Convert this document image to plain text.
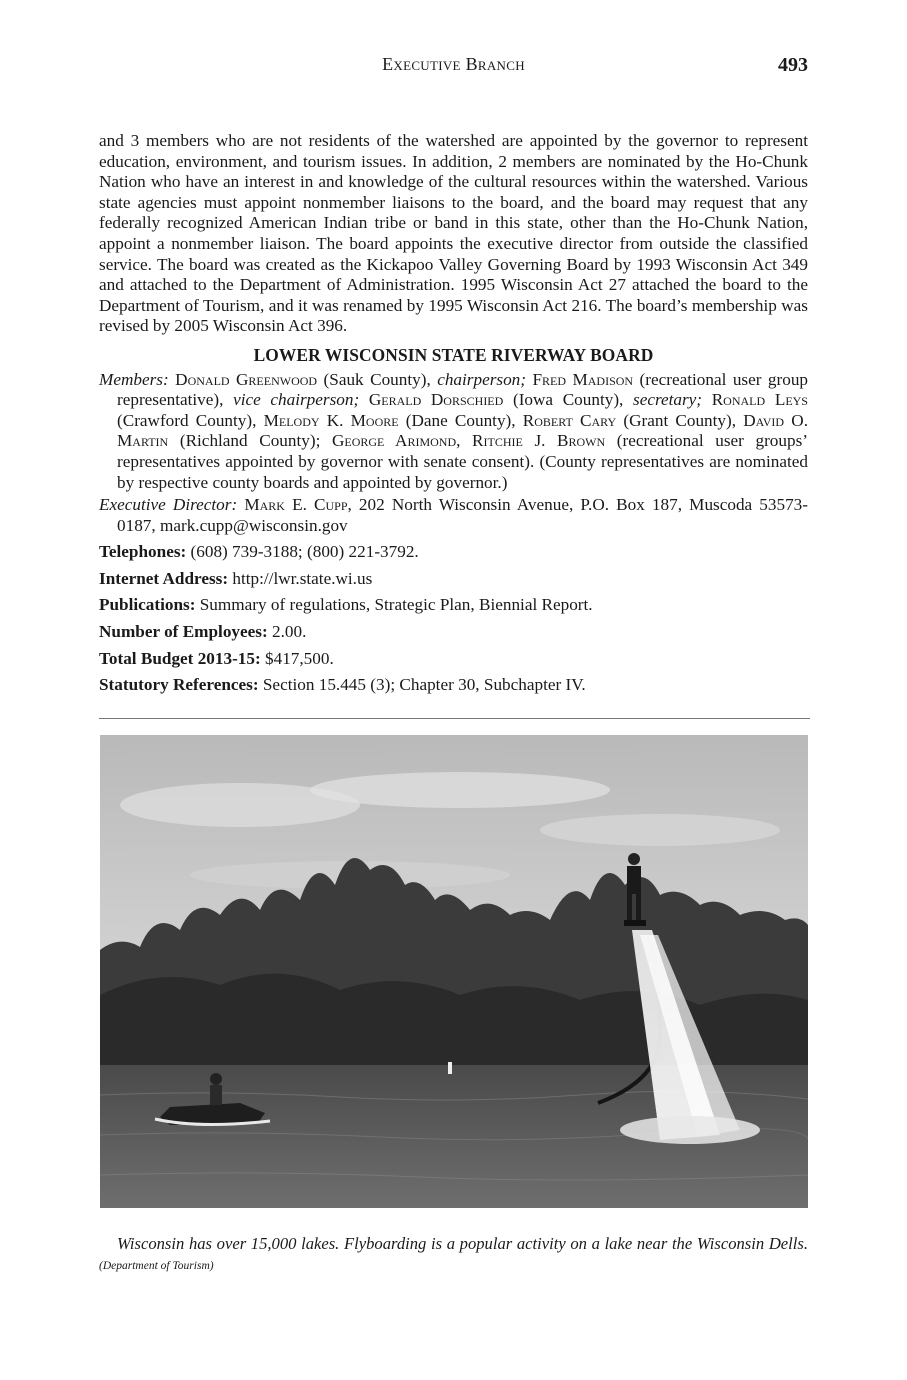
Executive Branch	493

and 3 members who are not residents of the watershed are appointed by the governor to represent education, environment, and tourism issues. In addition, 2 members are nominated by the Ho-Chunk Nation who have an interest in and knowledge of the cultural resources within the watershed. Various state agencies must appoint nonmember liaisons to the board, and the board may request that any federally recognized American Indian tribe or band in this state, other than the Ho-Chunk Nation, appoint a nonmember liaison. The board appoints the executive director from outside the classified service. The board was created as the Kickapoo Valley Governing Board by 1993 Wisconsin Act 349 and attached to the Department of Administration. 1995 Wisconsin Act 27 attached the board to the Department of Tourism, and it was renamed by 1995 Wisconsin Act 216. The board’s membership was revised by 2005 Wisconsin Act 396.

LOWER WISCONSIN STATE RIVERWAY BOARD

Members: Donald Greenwood (Sauk County), chairperson; Fred Madison (recreational user group representative), vice chairperson; Gerald Dorschied (Iowa County), secretary; Ronald Leys (Crawford County), Melody K. Moore (Dane County), Robert Cary (Grant County), David O. Martin (Richland County); George Arimond, Ritchie J. Brown (recreational user groups’ representatives appointed by governor with senate consent). (County representatives are nominated by respective county boards and appointed by governor.)

Executive Director: Mark E. Cupp, 202 North Wisconsin Avenue, P.O. Box 187, Muscoda 53573-0187, mark.cupp@wisconsin.gov

Telephones: (608) 739-3188; (800) 221-3792.

Internet Address: http://lwr.state.wi.us

Publications: Summary of regulations, Strategic Plan, Biennial Report.

Number of Employees: 2.00.

Total Budget 2013-15: $417,500.

Statutory References: Section 15.445 (3); Chapter 30, Subchapter IV.

Wisconsin has over 15,000 lakes. Flyboarding is a popular activity on a lake near the Wisconsin Dells. (Department of Tourism)
